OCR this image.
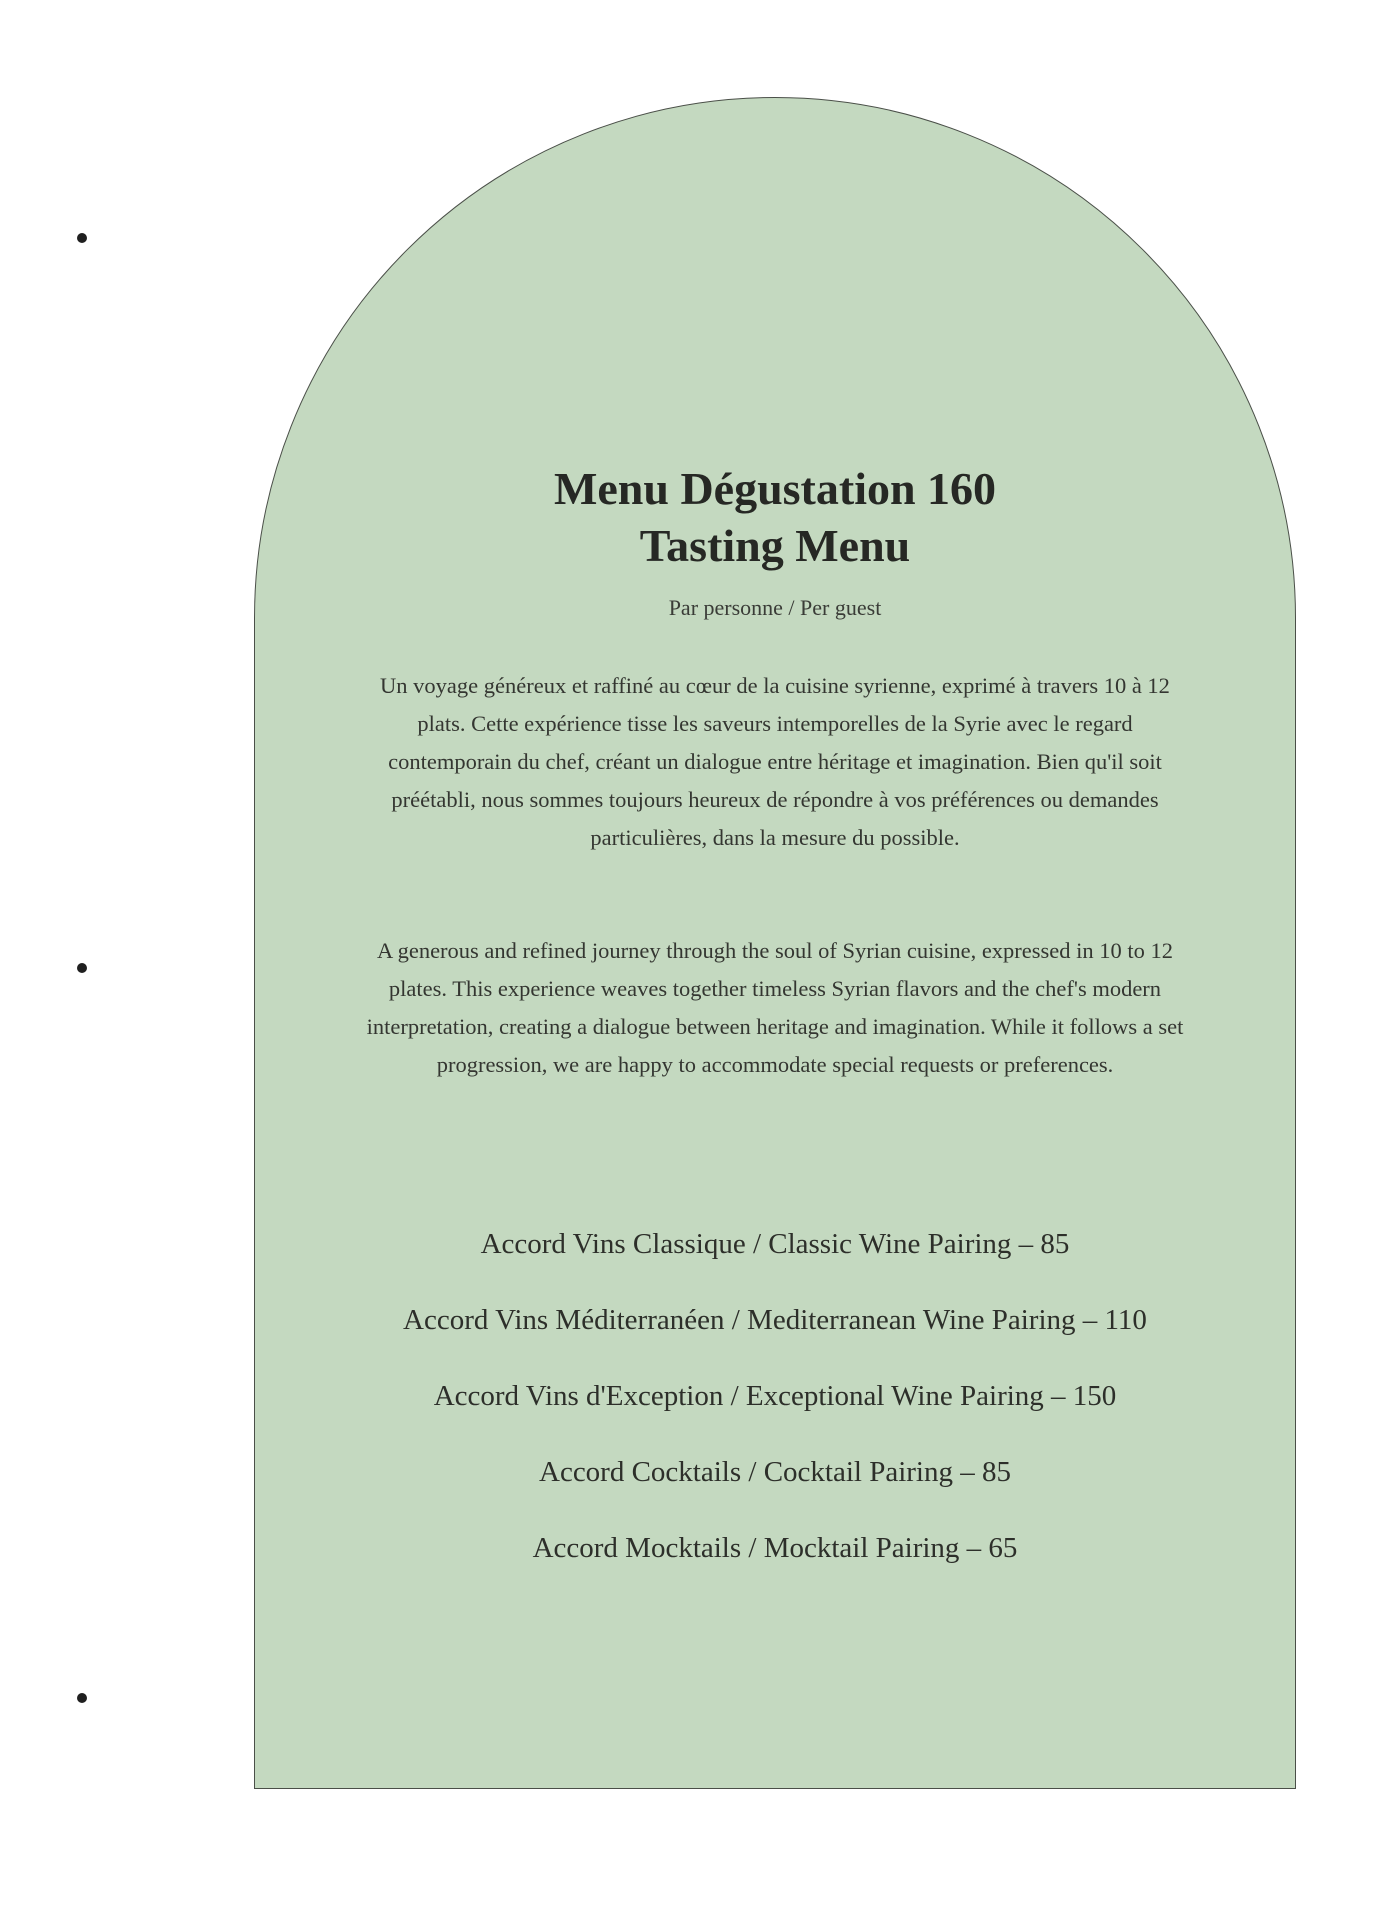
Menu Dégustation 160
Tasting Menu
Par personne / Per guest

Un voyage généreux et raffiné au cœur de la cuisine syrienne, exprimé à travers 10 à 12 plats. Cette expérience tisse les saveurs intemporelles de la Syrie avec le regard contemporain du chef, créant un dialogue entre héritage et imagination. Bien qu'il soit préétabli, nous sommes toujours heureux de répondre à vos préférences ou demandes particulières, dans la mesure du possible.

A generous and refined journey through the soul of Syrian cuisine, expressed in 10 to 12 plates. This experience weaves together timeless Syrian flavors and the chef's modern interpretation, creating a dialogue between heritage and imagination. While it follows a set progression, we are happy to accommodate special requests or preferences.

Accord Vins Classique / Classic Wine Pairing – 85
Accord Vins Méditerranéen / Mediterranean Wine Pairing – 110
Accord Vins d'Exception / Exceptional Wine Pairing – 150
Accord Cocktails / Cocktail Pairing – 85
Accord Mocktails / Mocktail Pairing – 65
